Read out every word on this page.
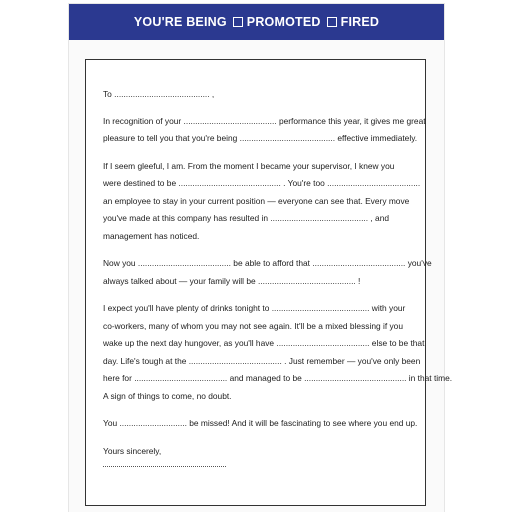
YOU'RE BEING PROMOTED FIRED

To ......................................... ,

In recognition of your ........................................ performance this year, it gives me great
pleasure to tell you that you're being ......................................... effective immediately.

If I seem gleeful, I am. From the moment I became your supervisor, I knew you
were destined to be ............................................ . You're too ........................................
an employee to stay in your current position — everyone can see that. Every move
you've made at this company has resulted in .......................................... , and
management has noticed.

Now you ........................................ be able to afford that ........................................ you've
always talked about — your family will be .......................................... !

I expect you'll have plenty of drinks tonight to .......................................... with your
co-workers, many of whom you may not see again. It'll be a mixed blessing if you
wake up the next day hungover, as you'll have ........................................ else to be that
day. Life's tough at the ........................................ . Just remember — you've only been
here for ........................................ and managed to be ............................................ in that time.
A sign of things to come, no doubt.

You ............................. be missed! And it will be fascinating to see where you end up.

Yours sincerely,
